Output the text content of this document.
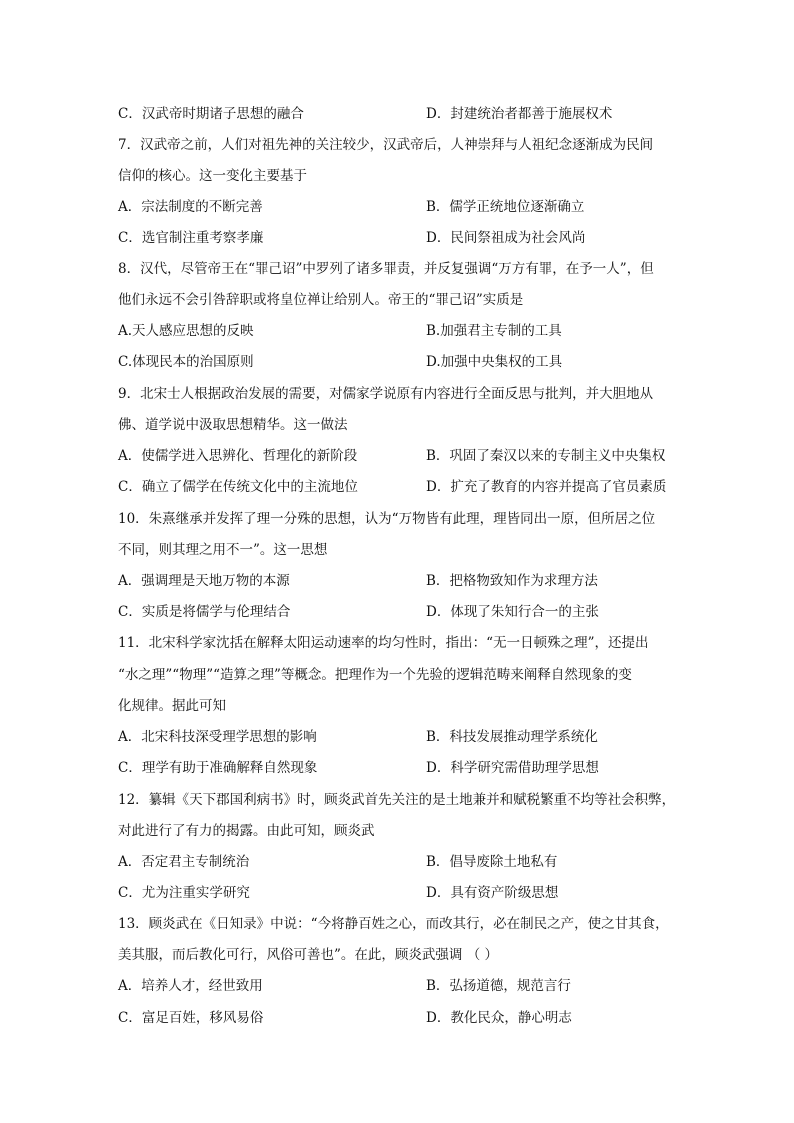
C．汉武帝时期诸子思想的融合	D．封建统治者都善于施展权术
7．汉武帝之前，人们对祖先神的关注较少，汉武帝后，人神崇拜与人祖纪念逐渐成为民间
信仰的核心。这一变化主要基于
A．宗法制度的不断完善	B．儒学正统地位逐渐确立
C．选官制注重考察孝廉	D．民间祭祖成为社会风尚
8．汉代，尽管帝王在“罪己诏”中罗列了诸多罪责，并反复强调“万方有罪，在予一人”，但
他们永远不会引咎辞职或将皇位禅让给别人。帝王的“罪己诏”实质是
A.天人感应思想的反映	B.加强君主专制的工具
C.体现民本的治国原则	D.加强中央集权的工具
9．北宋士人根据政治发展的需要，对儒家学说原有内容进行全面反思与批判，并大胆地从
佛、道学说中汲取思想精华。这一做法
A．使儒学进入思辨化、哲理化的新阶段	B．巩固了秦汉以来的专制主义中央集权
C．确立了儒学在传统文化中的主流地位	D．扩充了教育的内容并提高了官员素质
10．朱熹继承并发挥了理一分殊的思想，认为“万物皆有此理，理皆同出一原，但所居之位
不同，则其理之用不一”。这一思想
A．强调理是天地万物的本源	B．把格物致知作为求理方法
C．实质是将儒学与伦理结合	D．体现了朱知行合一的主张
11．北宋科学家沈括在解释太阳运动速率的均匀性时，指出：“无一日顿殊之理”，还提出
“水之理”“物理”“造算之理”等概念。把理作为一个先验的逻辑范畴来阐释自然现象的变
化规律。据此可知
A．北宋科技深受理学思想的影响	B．科技发展推动理学系统化
C．理学有助于准确解释自然现象	D．科学研究需借助理学思想
12．纂辑《天下郡国利病书》时，顾炎武首先关注的是土地兼并和赋税繁重不均等社会积弊，
对此进行了有力的揭露。由此可知，顾炎武
A．否定君主专制统治	B．倡导废除土地私有
C．尤为注重实学研究	D．具有资产阶级思想
13．顾炎武在《日知录》中说：“今将静百姓之心，而改其行，必在制民之产，使之甘其食，
美其服，而后教化可行，风俗可善也”。在此，顾炎武强调 （ ）
A．培养人才，经世致用	B．弘扬道德，规范言行
C．富足百姓，移风易俗	D．教化民众，静心明志
